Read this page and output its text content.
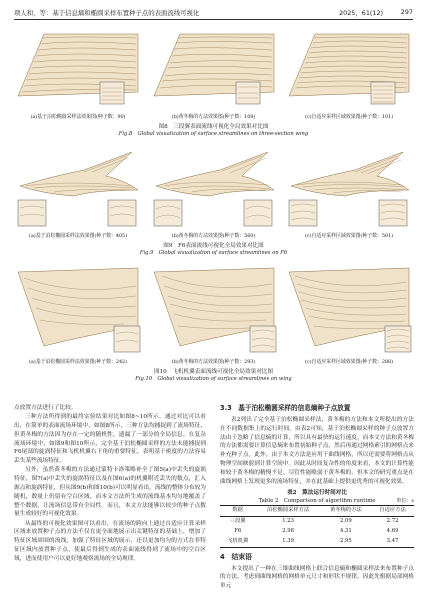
项人和，等：基于信息熵和椭圆采样布置种子点的表面流线可视化	2025，61(12)	297
(a)基于泊松椭圆采样法效果图(种子数：90)	(b)黄冬梅的方法效果图(种子数：109)	(c)自适应采样区域效果图(种子数：101)
图8　三段翼表面流线可视化全局效果对比图
Fig.8　Global visualization of surface streamlines on three-section wing
(a)基于泊松椭圆采样法效果图(种子数：405)	(b)黄冬梅的方法效果图(种子数：560)	(c)自适应采样区域效果图(种子数：501)
图9　F6表面流线可视化全局效果对比图
Fig.9　Global visualization of surface streamlines on F6
(a)基于泊松椭圆采样法效果图(种子数：242)	(b)黄冬梅的方法效果图(种子数：293)	(c)自适应采样区域效果图(种子数：288)
图10　飞机机翼表面流线可视化全局效果对比图
Fig.10　Global visualization of surface streamlines on wing

点放置方法进行了比较。

三种方法所得到的最终实验结果对比如图8~10所示。通过对比可以看出，在简单的表面流场环境中，如图8所示，三种方法均捕捉到了流场特征，但黄冬梅的方法因为存在一定的随机性，遗漏了一部分的全局信息。在复杂流场环境中，如图9和图10所示，完全基于泊松椭圆采样的方法未能捕捉到F6尾部的旋涡特征和飞机机翼右下角的重要特征，表明基于密度的方法容易丢失某些流场特征。

另外，虽然黄冬梅的方法通过蒙特卡洛策略补全了图5(a)中丢失的旋涡特征，图7(a)中丢失的旋涡特征以及在图6(a)的机翼附近丢失的数点，汇入源点和旋涡特征，但从图9(b)和图10(b)可以明显看出，流线的整体分布较为随机，数量上仍留有空白区域。而本文方法所生成的流线基本均匀地覆盖了整个数据，让流场信息带有全局性。而且，本文方法能够以较少的种子点数量生成较好的可视化效果。

从最终的可视化效果图可以看出，在流场的跨向上通过自适应计算采样区域来放置种子点的方法不仅在更全面地展示出关键特征的基础上，增加了特征区域周围的流线，加强了特征区域的展示，还以更加均匀的方式在非特征区域内放置种子点，使最后得到生成的表面流线得到了流场中的空白区域，进而使用户可以更好地观察流场的全局规律。

3.3　基于泊松椭圆采样的信息熵种子点放置

表2列出了完全基于泊松椭圆采样法、黄冬梅的方法和本文所提出的方法在不同数据集上的运行时间。由表2可知，基于泊松椭圆采样的种子点放置方法由于忽略了信息熵的计算，所以具有最快的运行速度。而本文方法和黄冬梅的方法都需要计算信息熵来布置初始种子点，然后再通过网格索引的网格点来补充种子点。此外，由于本文方法是应用于曲线网格，所以还需要将网格点从物理空间映射到计算空间中。因此从时间复杂性的角度来看，本文的计算性能和较于黄冬梅的精慢不足。尽管性能略弱于黄冬梅的，但本文的研究重点是在曲线网格上发现更多的流场特征，并在此基础上提供更优秀的可视化效果。

表2　算法运行时间对比
Table 2　Comparison of algorithm runtime	单位：s
数据	泊松椭圆采样方法	黄冬梅的方法	自适应方法
三段翼	1.23	2.09	2.72
F6	2.98	4.31	4.69
飞机机翼	1.39	2.95	3.47
4　结束语

本文提出了一种在三维曲线网格上联合信息熵和椭圆采样法来布置种子点的方法。考虑到曲线网格的网格单元尺寸和形状不规律，因此先根据局部网格单元
